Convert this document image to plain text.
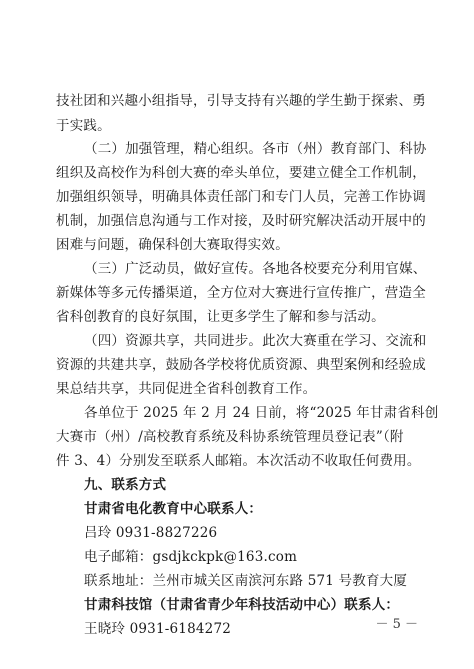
技社团和兴趣小组指导，引导支持有兴趣的学生勤于探索、勇
于实践。
（二）加强管理，精心组织。各市（州）教育部门、科协
组织及高校作为科创大赛的牵头单位，要建立健全工作机制，
加强组织领导，明确具体责任部门和专门人员，完善工作协调
机制，加强信息沟通与工作对接，及时研究解决活动开展中的
困难与问题，确保科创大赛取得实效。
（三）广泛动员，做好宣传。各地各校要充分利用官媒、
新媒体等多元传播渠道，全方位对大赛进行宣传推广，营造全
省科创教育的良好氛围，让更多学生了解和参与活动。
（四）资源共享，共同进步。此次大赛重在学习、交流和
资源的共建共享，鼓励各学校将优质资源、典型案例和经验成
果总结共享，共同促进全省科创教育工作。
各单位于 2025 年 2 月 24 日前，将“2025 年甘肃省科创
大赛市（州）/高校教育系统及科协系统管理员登记表”（附
件 3、4）分别发至联系人邮箱。本次活动不收取任何费用。
九、联系方式
甘肃省电化教育中心联系人：
吕玲 0931-8827226
电子邮箱：gsdjkckpk@163.com
联系地址：兰州市城关区南滨河东路 571 号教育大厦
甘肃科技馆（甘肃省青少年科技活动中心）联系人：
王晓玲 0931-6184272	－ 5 －
